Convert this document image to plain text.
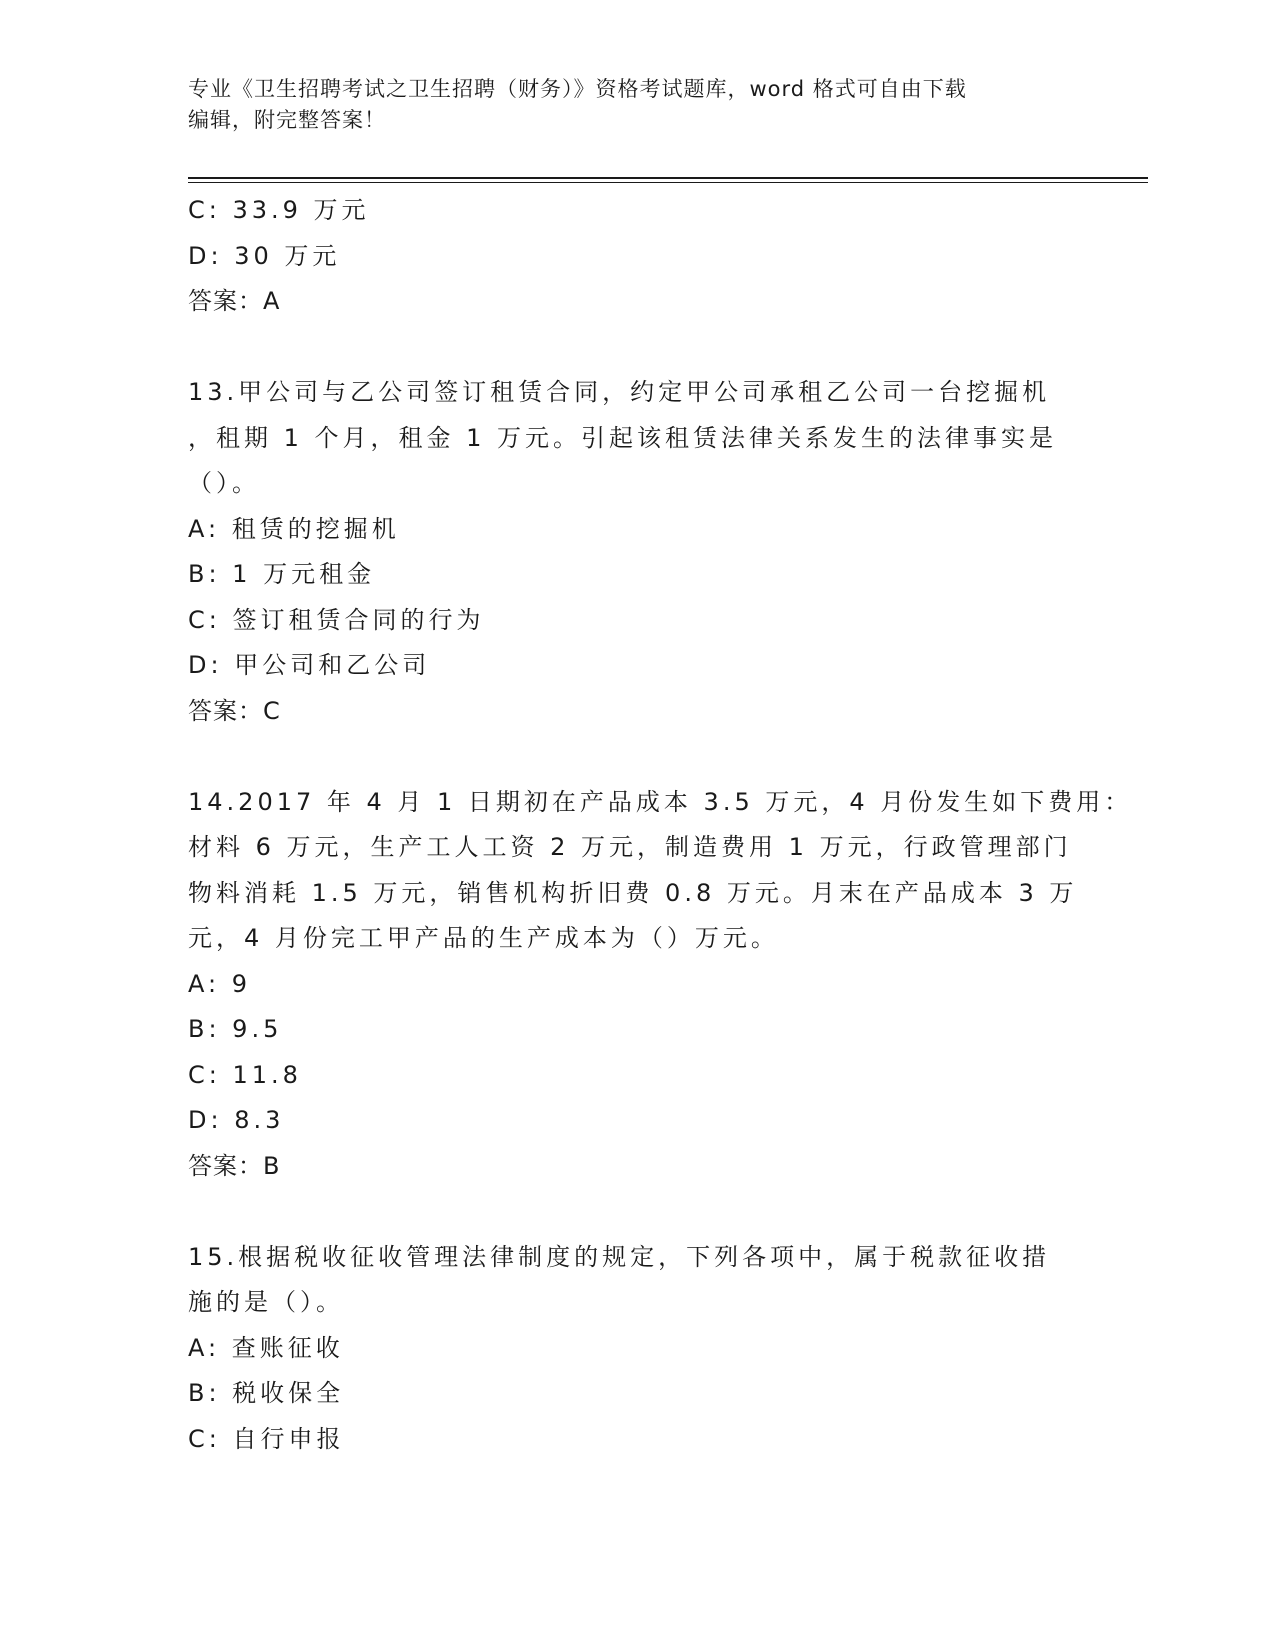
专业《卫生招聘考试之卫生招聘（财务）》资格考试题库，word 格式可自由下载
编辑，附完整答案！
C: 33.9 万元
D: 30 万元
答案：A
13.甲公司与乙公司签订租赁合同，约定甲公司承租乙公司一台挖掘机
，租期 1 个月，租金 1 万元。引起该租赁法律关系发生的法律事实是
（）。
A: 租赁的挖掘机
B: 1 万元租金
C: 签订租赁合同的行为
D: 甲公司和乙公司
答案：C
14.2017 年 4 月 1 日期初在产品成本 3.5 万元，4 月份发生如下费用：
材料 6 万元，生产工人工资 2 万元，制造费用 1 万元，行政管理部门
物料消耗 1.5 万元，销售机构折旧费 0.8 万元。月末在产品成本 3 万
元，4 月份完工甲产品的生产成本为（）万元。
A: 9
B: 9.5
C: 11.8
D: 8.3
答案：B
15.根据税收征收管理法律制度的规定，下列各项中，属于税款征收措
施的是（）。
A: 查账征收
B: 税收保全
C: 自行申报
